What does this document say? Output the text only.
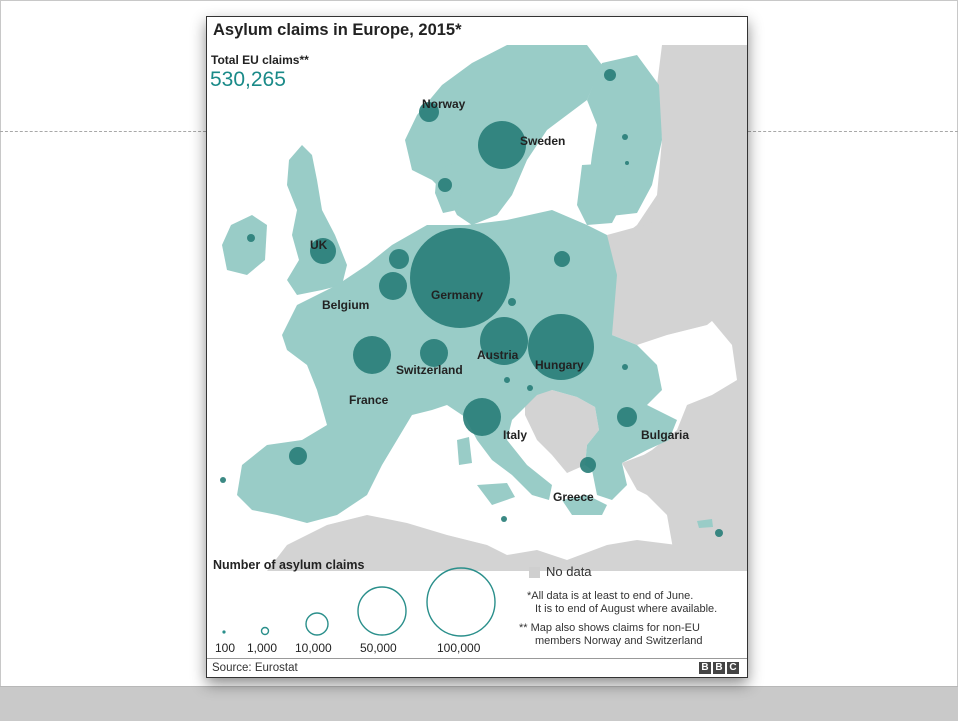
Asylum claims in Europe, 2015*
Norway
Sweden
UK
Germany
Belgium
Austria
Hungary
Switzerland
France
Italy	Bulgaria
Greece
Total EU claims**
530,265
Number of asylum claims
100 1,000 10,000 50,000	100,000
No data
*All data is at least to end of June.
It is to end of August where available.
** Map also shows claims for non-EU
members Norway and Switzerland
Source: Eurostat	B B C
